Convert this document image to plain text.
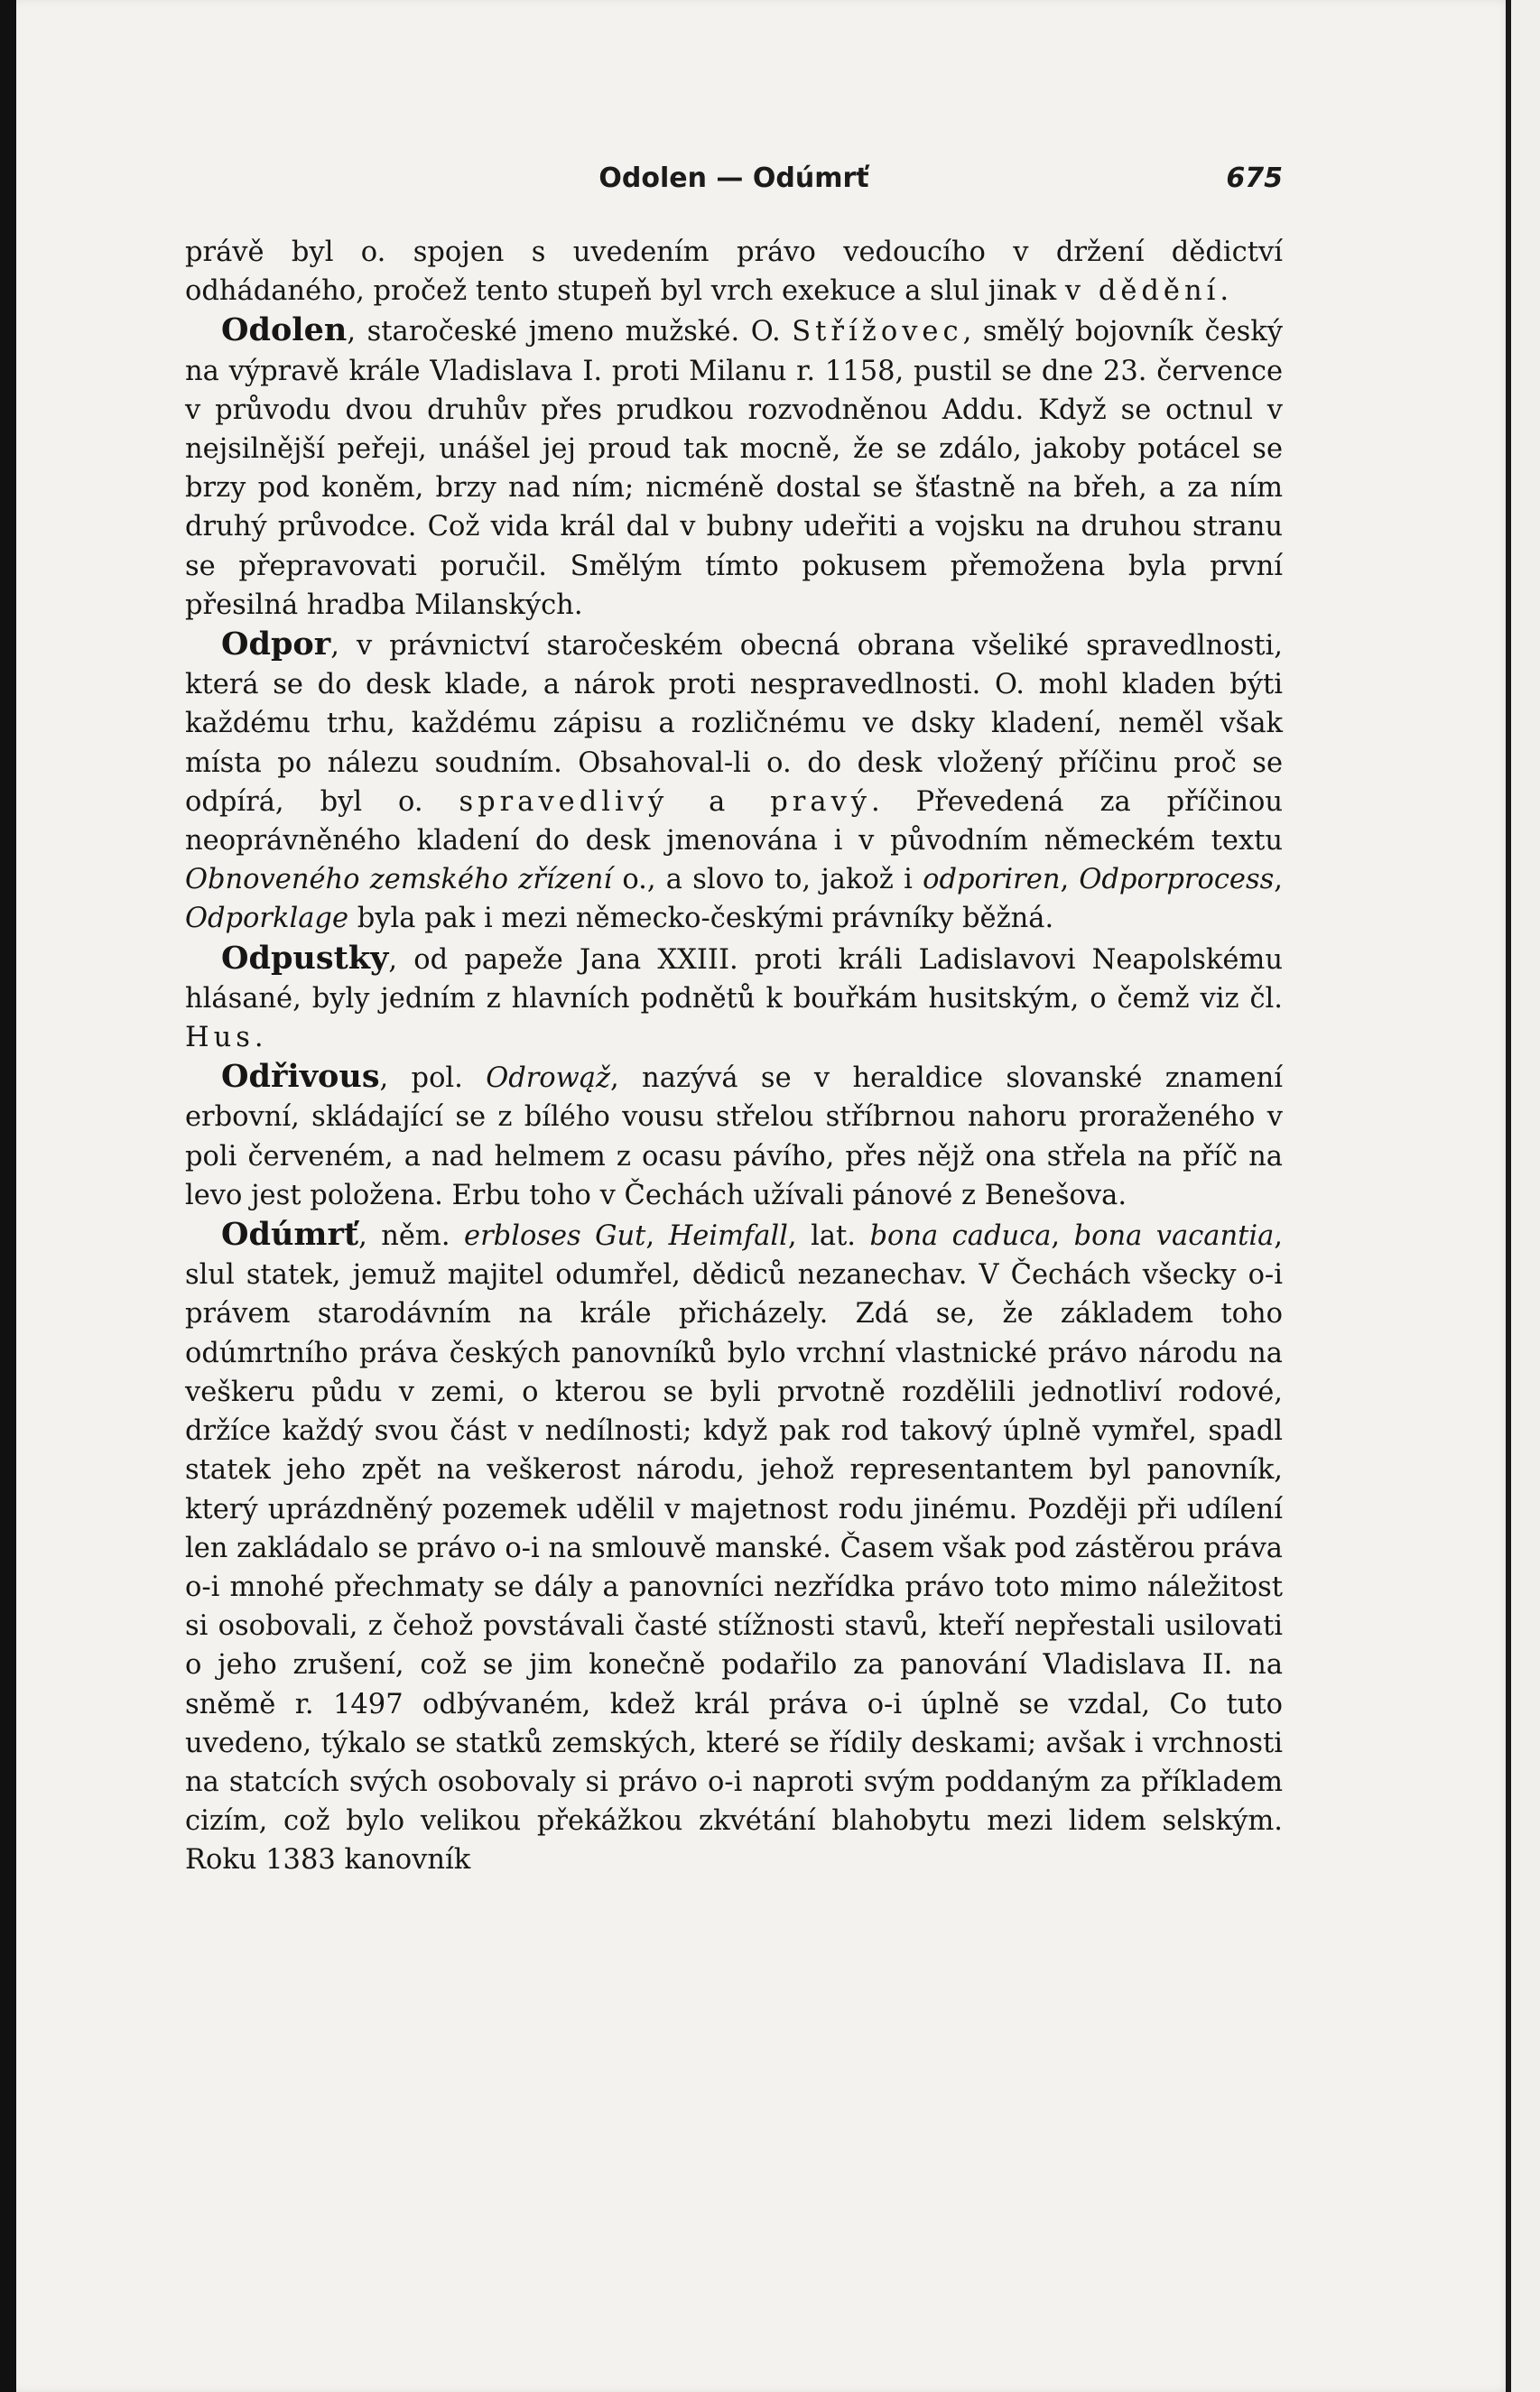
Odolen — Odúmrť	675

právě byl o. spojen s uvedením právo vedoucího v držení dědictví odhádaného, pročež tento stupeň byl vrch exekuce a slul jinak v dědění.

Odolen, staročeské jmeno mužské. O. Střížovec, smělý bojovník český na výpravě krále Vladislava I. proti Milanu r. 1158, pustil se dne 23. července v průvodu dvou druhův přes prudkou rozvodněnou Addu. Když se octnul v nejsilnější peřeji, unášel jej proud tak mocně, že se zdálo, jakoby potácel se brzy pod koněm, brzy nad ním; nicméně dostal se šťastně na břeh, a za ním druhý průvodce. Což vida král dal v bubny udeřiti a vojsku na druhou stranu se přepravovati poručil. Smělým tímto pokusem přemožena byla první přesilná hradba Milanských.

Odpor, v právnictví staročeském obecná obrana všeliké spravedlnosti, která se do desk klade, a nárok proti nespravedlnosti. O. mohl kladen býti každému trhu, každému zápisu a rozličnému ve dsky kladení, neměl však místa po nálezu soudním. Obsahoval-li o. do desk vložený příčinu proč se odpírá, byl o. spravedlivý a pravý. Převedená za příčinou neoprávněného kladení do desk jmenována i v původním německém textu Obnoveného zemského zřízení o., a slovo to, jakož i odporiren, Odporprocess, Odporklage byla pak i mezi německo-českými právníky běžná.

Odpustky, od papeže Jana XXIII. proti králi Ladislavovi Neapolskému hlásané, byly jedním z hlavních podnětů k bouřkám husitským, o čemž viz čl. Hus.

Odřivous, pol. Odrowąž, nazývá se v heraldice slovanské znamení erbovní, skládající se z bílého vousu střelou stříbrnou nahoru proraženého v poli červeném, a nad helmem z ocasu pávího, přes nějž ona střela na příč na levo jest položena. Erbu toho v Čechách užívali pánové z Benešova.

Odúmrť, něm. erbloses Gut, Heimfall, lat. bona caduca, bona vacantia, slul statek, jemuž majitel odumřel, dědiců nezanechav. V Čechách všecky o-i právem starodávním na krále přicházely. Zdá se, že základem toho odúmrtního práva českých panovníků bylo vrchní vlastnické právo národu na veškeru půdu v zemi, o kterou se byli prvotně rozdělili jednotliví rodové, držíce každý svou část v nedílnosti; když pak rod takový úplně vymřel, spadl statek jeho zpět na veškerost národu, jehož representantem byl panovník, který uprázdněný pozemek udělil v majetnost rodu jinému. Později při udílení len zakládalo se právo o-i na smlouvě manské. Časem však pod zástěrou práva o-i mnohé přechmaty se dály a panovníci nezřídka právo toto mimo náležitost si osobovali, z čehož povstávali časté stížnosti stavů, kteří nepřestali usilovati o jeho zrušení, což se jim konečně podařilo za panování Vladislava II. na sněmě r. 1497 odbývaném, kdež král práva o-i úplně se vzdal, Co tuto uvedeno, týkalo se statků zemských, které se řídily deskami; avšak i vrchnosti na statcích svých osobovaly si právo o-i naproti svým poddaným za příkladem cizím, což bylo velikou překážkou zkvétání blahobytu mezi lidem selským. Roku 1383 kanovník
